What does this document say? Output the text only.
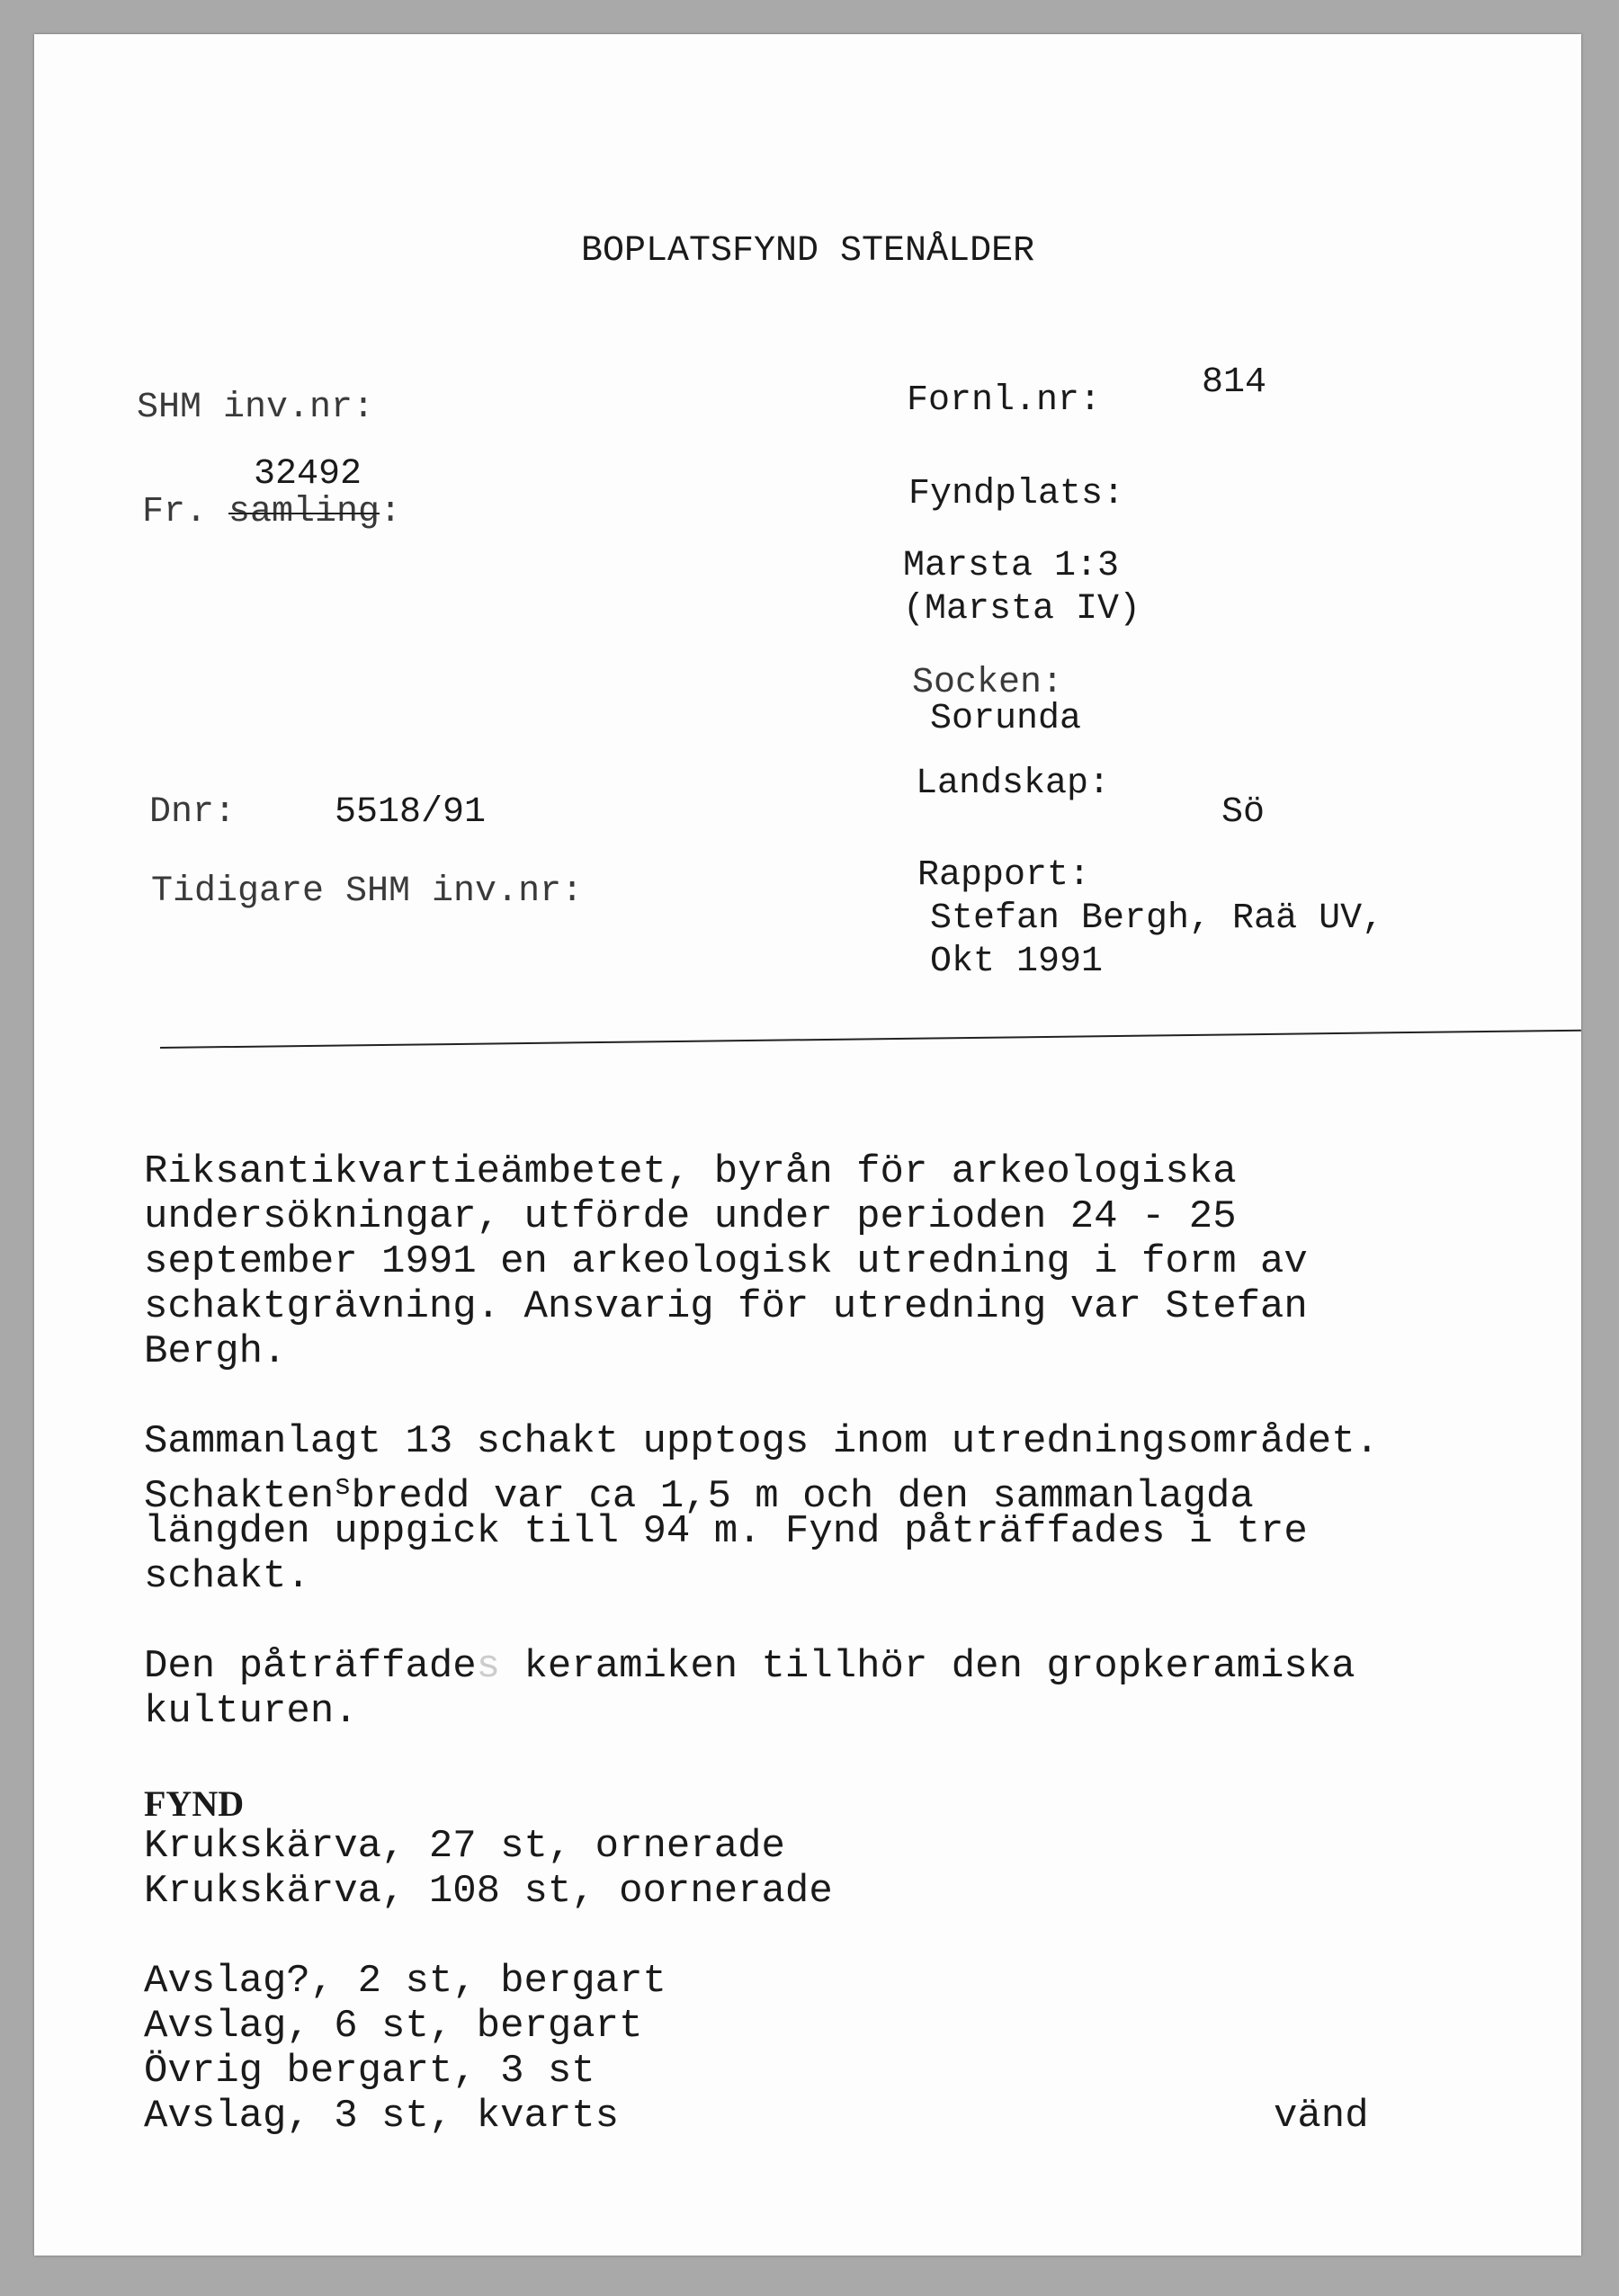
BOPLATSFYND STENÅLDER
SHM inv.nr:
32492
Fr. samling:
Dnr:	5518/91
Tidigare SHM inv.nr:
Fornl.nr:	814
Fyndplats:
Marsta 1:3
(Marsta IV)
Socken:
Sorunda
Landskap:
Sö
Rapport:
Stefan Bergh, Raä UV,
Okt 1991
Riksantikvartieämbetet, byrån för arkeologiska
undersökningar, utförde under perioden 24 - 25
september 1991 en arkeologisk utredning i form av
schaktgrävning. Ansvarig för utredning var Stefan
Bergh.
Sammanlagt 13 schakt upptogs inom utredningsområdet.
Schakten$^s$bredd var ca 1,5 m och den sammanlagda
längden uppgick till 94 m. Fynd påträffades i tre
schakt.
Den påträffades keramiken tillhör den gropkeramiska
kulturen.
FYND
Krukskärva, 27 st, ornerade
Krukskärva, 108 st, oornerade
Avslag?, 2 st, bergart
Avslag, 6 st, bergart
Övrig bergart, 3 st
Avslag, 3 st, kvarts	vänd
